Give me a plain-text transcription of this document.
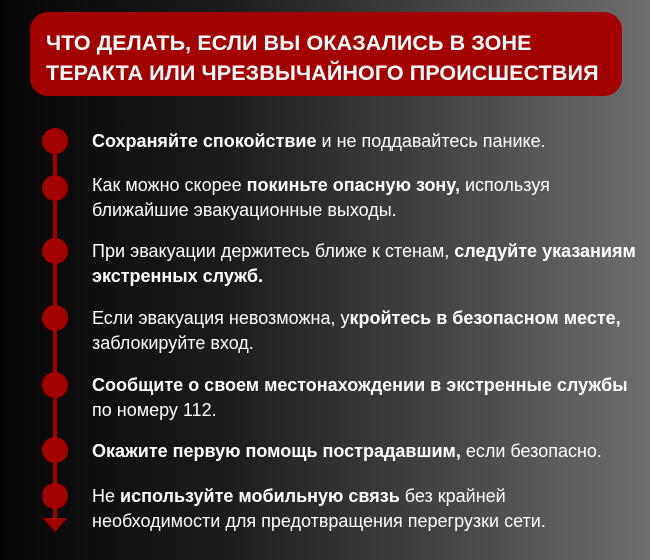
ЧТО ДЕЛАТЬ, ЕСЛИ ВЫ ОКАЗАЛИСЬ В ЗОНЕ
ТЕРАКТА ИЛИ ЧРЕЗВЫЧАЙНОГО ПРОИСШЕСТВИЯ
Сохраняйте спокойствие и не поддавайтесь панике.
Как можно скорее покиньте опасную зону, используя ближайшие эвакуационные выходы.
При эвакуации держитесь ближе к стенам, следуйте указаниям экстренных служб.
Если эвакуация невозможна, укройтесь в безопасном месте, заблокируйте вход.
Сообщите о своем местонахождении в экстренные службы по номеру 112.
Окажите первую помощь пострадавшим, если безопасно.
Не используйте мобильную связь без крайней необходимости для предотвращения перегрузки сети.
